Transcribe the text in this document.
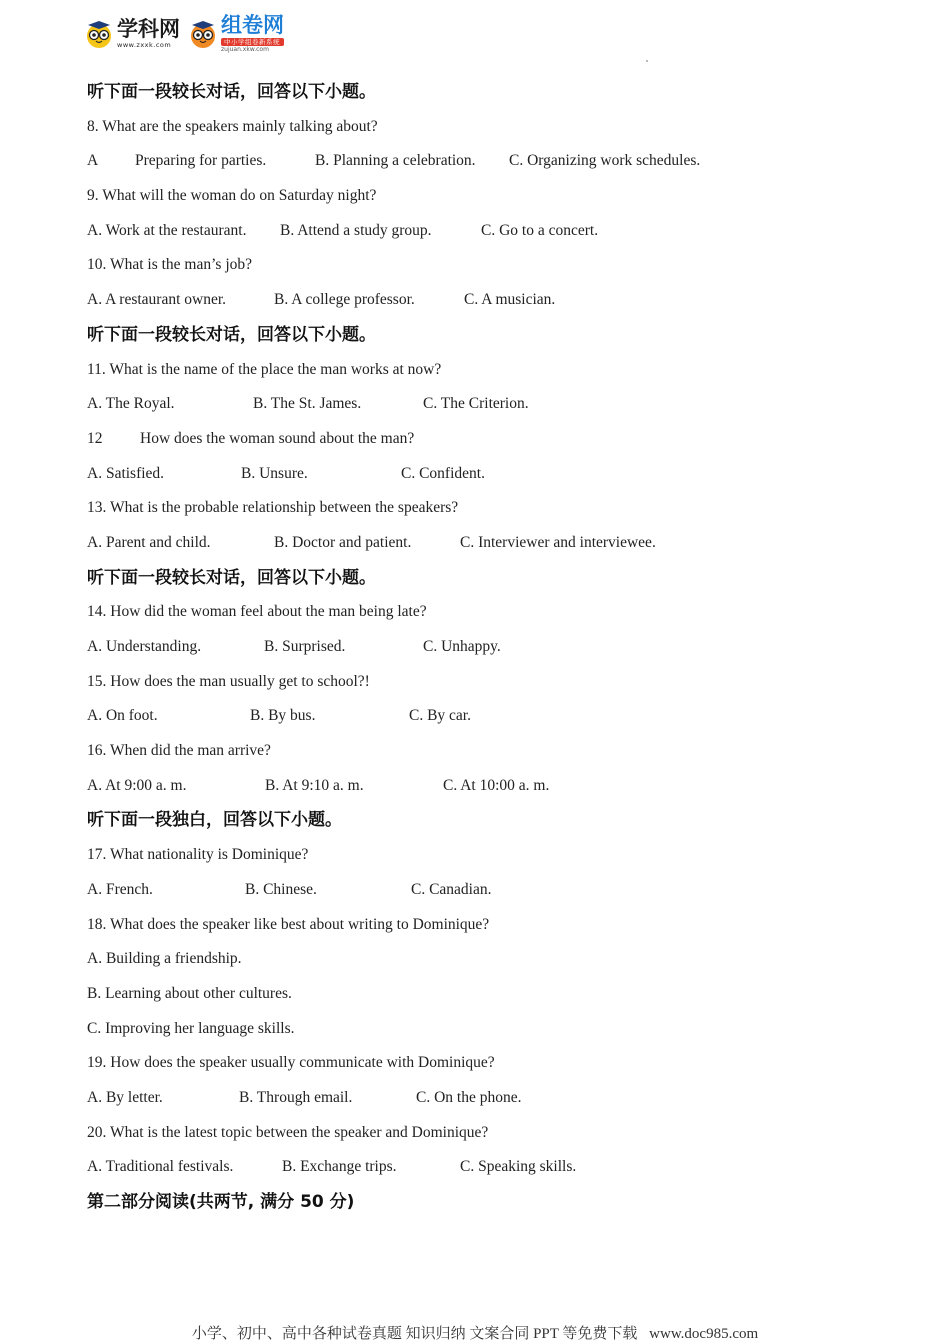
学科网
www.zxxk.com
组卷网
中小学组卷新系统
zujuan.xkw.com
听下面一段较长对话，回答以下小题。
8. What are the speakers mainly talking about?
A Preparing for parties.	B. Planning a celebration. C. Organizing work schedules.
9. What will the woman do on Saturday night?
A. Work at the restaurant. B. Attend a study group.	C. Go to a concert.
10. What is the man’s job?
A. A restaurant owner.	B. A college professor.	C. A musician.
听下面一段较长对话，回答以下小题。
11. What is the name of the place the man works at now?
A. The Royal.	B. The St. James.	C. The Criterion.
12 How does the woman sound about the man?
A. Satisfied.	B. Unsure.	C. Confident.
13. What is the probable relationship between the speakers?
A. Parent and child.	B. Doctor and patient.	C. Interviewer and interviewee.
听下面一段较长对话，回答以下小题。
14. How did the woman feel about the man being late?
A. Understanding.	B. Surprised.	C. Unhappy.
15. How does the man usually get to school?!
A. On foot.	B. By bus.	C. By car.
16. When did the man arrive?
A. At 9:00 a. m.	B. At 9:10 a. m.	C. At 10:00 a. m.
听下面一段独白，回答以下小题。
17. What nationality is Dominique?
A. French.	B. Chinese.	C. Canadian.
18. What does the speaker like best about writing to Dominique?
A. Building a friendship.
B. Learning about other cultures.
C. Improving her language skills.
19. How does the speaker usually communicate with Dominique?
A. By letter.	B. Through email.	C. On the phone.
20. What is the latest topic between the speaker and Dominique?
A. Traditional festivals.	B. Exchange trips.	C. Speaking skills.
第二部分阅读(共两节, 满分 50 分)
小学、初中、高中各种试卷真题 知识归纳 文案合同 PPT 等免费下载 www.doc985.com
